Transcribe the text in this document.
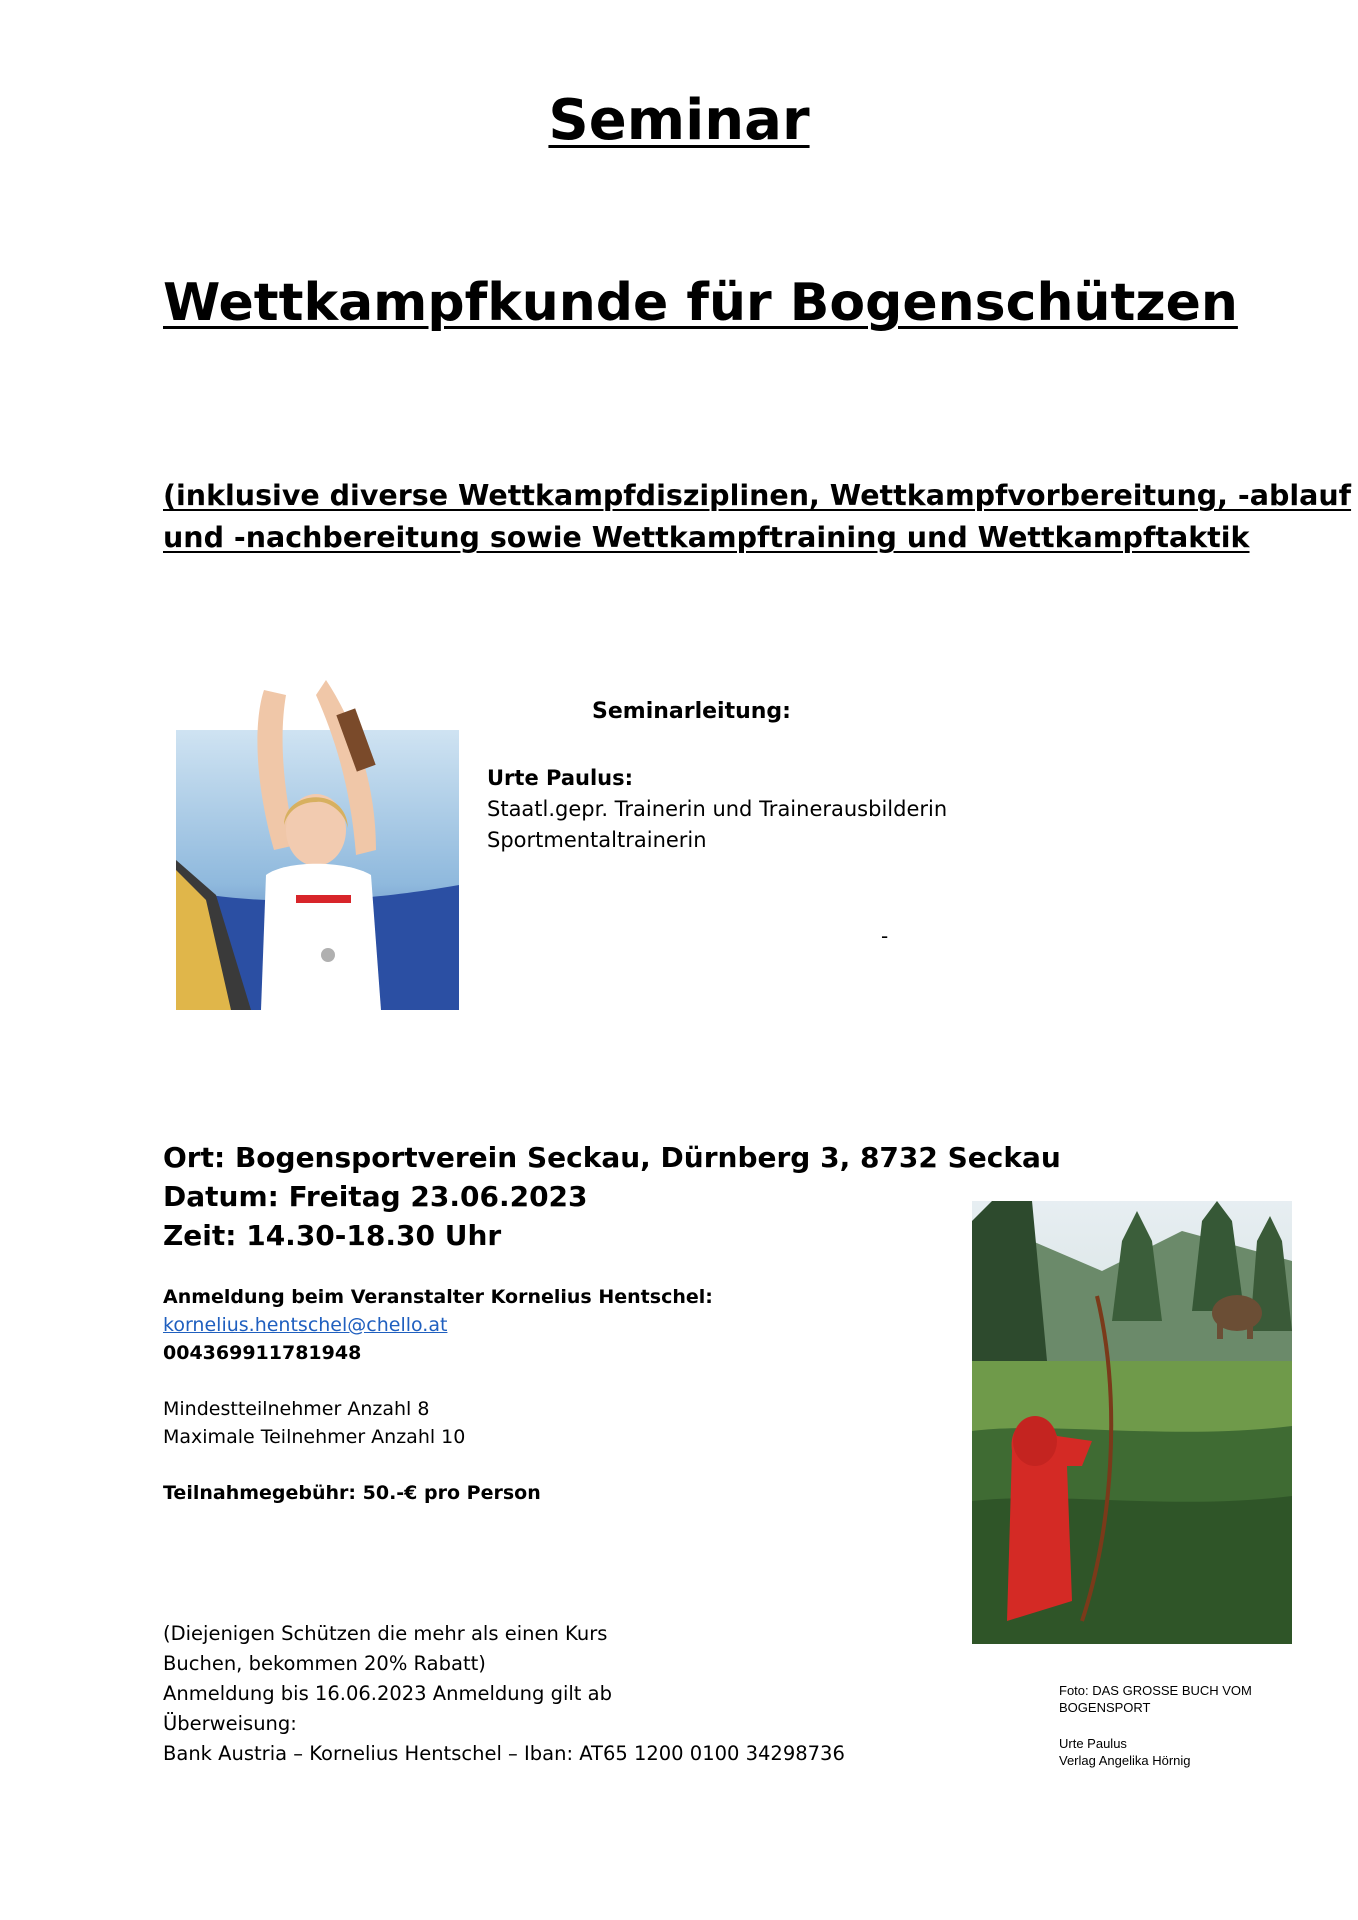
Seminar
Wettkampfkunde für Bogenschützen
(inklusive diverse Wettkampfdisziplinen, Wettkampfvorbereitung, -ablauf
und -nachbereitung sowie Wettkampftraining und Wettkampftaktik
Seminarleitung:
Urte Paulus:
Staatl.gepr. Trainerin und Trainerausbilderin
Sportmentaltrainerin
-
Ort: Bogensportverein Seckau, Dürnberg 3, 8732 Seckau
Datum: Freitag 23.06.2023
Zeit: 14.30-18.30 Uhr
Anmeldung beim Veranstalter Kornelius Hentschel:
kornelius.hentschel@chello.at
004369911781948
Mindestteilnehmer Anzahl 8
Maximale Teilnehmer Anzahl 10
Teilnahmegebühr: 50.-€ pro Person
(Diejenigen Schützen die mehr als einen Kurs
Buchen, bekommen 20% Rabatt)
Anmeldung bis 16.06.2023 Anmeldung gilt ab
Überweisung:
Bank Austria – Kornelius Hentschel – Iban: AT65 1200 0100 34298736
Foto: DAS GROSSE BUCH VOM
BOGENSPORT
Urte Paulus
Verlag Angelika Hörnig
